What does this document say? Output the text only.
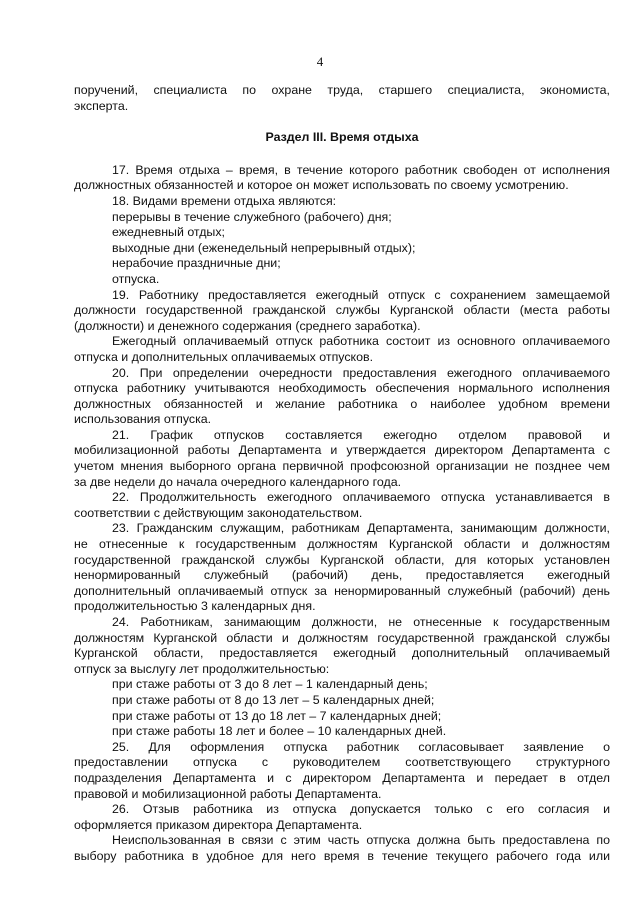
4

поручений, специалиста по охране труда, старшего специалиста, экономиста,

эксперта.

Раздел III. Время отдыха

17. Время отдыха – время, в течение которого работник свободен от исполнения

должностных обязанностей и которое он может использовать по своему усмотрению.

18. Видами времени отдыха являются:

перерывы в течение служебного (рабочего) дня;

ежедневный отдых;

выходные дни (еженедельный непрерывный отдых);

нерабочие праздничные дни;

отпуска.

19. Работнику предоставляется ежегодный отпуск с сохранением замещаемой

должности государственной гражданской службы Курганской области (места работы

(должности) и денежного содержания (среднего заработка).

Ежегодный оплачиваемый отпуск работника состоит из основного оплачиваемого

отпуска и дополнительных оплачиваемых отпусков.

20. При определении очередности предоставления ежегодного оплачиваемого

отпуска работнику учитываются необходимость обеспечения нормального исполнения

должностных обязанностей и желание работника о наиболее удобном времени

использования отпуска.

21. График отпусков составляется ежегодно отделом правовой и

мобилизационной работы Департамента и утверждается директором Департамента с

учетом мнения выборного органа первичной профсоюзной организации не позднее чем

за две недели до начала очередного календарного года.

22. Продолжительность ежегодного оплачиваемого отпуска устанавливается в

соответствии с действующим законодательством.

23. Гражданским служащим, работникам Департамента, занимающим должности,

не отнесенные к государственным должностям Курганской области и должностям

государственной гражданской службы Курганской области, для которых установлен

ненормированный служебный (рабочий) день, предоставляется ежегодный

дополнительный оплачиваемый отпуск за ненормированный служебный (рабочий) день

продолжительностью 3 календарных дня.

24. Работникам, занимающим должности, не отнесенные к государственным

должностям Курганской области и должностям государственной гражданской службы

Курганской области, предоставляется ежегодный дополнительный оплачиваемый

отпуск за выслугу лет продолжительностью:

при стаже работы от 3 до 8 лет – 1 календарный день;

при стаже работы от 8 до 13 лет – 5 календарных дней;

при стаже работы от 13 до 18 лет – 7 календарных дней;

при стаже работы 18 лет и более – 10 календарных дней.

25. Для оформления отпуска работник согласовывает заявление о

предоставлении отпуска с руководителем соответствующего структурного

подразделения Департамента и с директором Департамента и передает в отдел

правовой и мобилизационной работы Департамента.

26. Отзыв работника из отпуска допускается только с его согласия и

оформляется приказом директора Департамента.

Неиспользованная в связи с этим часть отпуска должна быть предоставлена по

выбору работника в удобное для него время в течение текущего рабочего года или
